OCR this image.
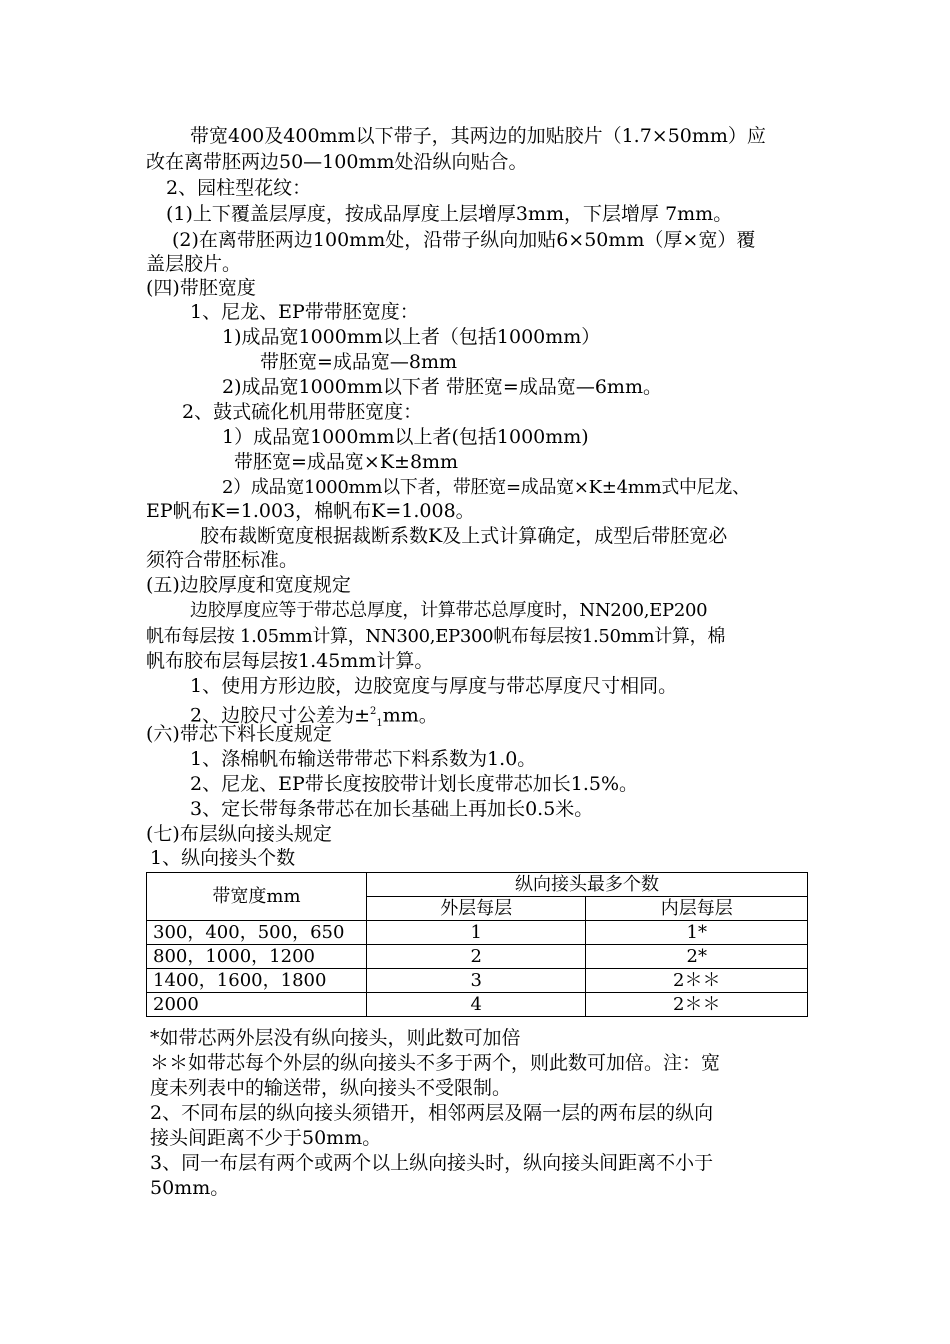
带宽400及400mm以下带子，其两边的加贴胶片（1.7×50mm）应
改在离带胚两边50—100mm处沿纵向贴合。
2、园柱型花纹：
(1)上下覆盖层厚度，按成品厚度上层增厚3mm，下层增厚 7mm。
(2)在离带胚两边100mm处，沿带子纵向加贴6×50mm（厚×宽）覆
盖层胶片。
(四)带胚宽度
1、尼龙、EP带带胚宽度：
1)成品宽1000mm以上者（包括1000mm）
带胚宽=成品宽—8mm
2)成品宽1000mm以下者 带胚宽=成品宽—6mm。
2、鼓式硫化机用带胚宽度：
1）成品宽1000mm以上者(包括1000mm)
带胚宽=成品宽×K±8mm
2）成品宽1000mm以下者，带胚宽=成品宽×K±4mm式中尼龙、
EP帆布K=1.003，棉帆布K=1.008。
胶布裁断宽度根据裁断系数K及上式计算确定，成型后带胚宽必
须符合带胚标准。
(五)边胶厚度和宽度规定
边胶厚度应等于带芯总厚度，计算带芯总厚度时，NN200,EP200
帆布每层按 1.05mm计算，NN300,EP300帆布每层按1.50mm计算，棉
帆布胶布层每层按1.45mm计算。
1、使用方形边胶，边胶宽度与厚度与带芯厚度尺寸相同。
2、边胶尺寸公差为±$^2_1$mm。
(六)带芯下料长度规定
1、涤棉帆布输送带带芯下料系数为1.0。
2、尼龙、EP带长度按胶带计划长度带芯加长1.5%。
3、定长带每条带芯在加长基础上再加长0.5米。
(七)布层纵向接头规定
1、纵向接头个数
带宽度mm	纵向接头最多个数	
	外层每层	内层每层
300，400，500，650	1	1*
800，1000，1200	2	2*
1400，1600，1800	3	2＊＊
2000	4	2＊＊
*如带芯两外层没有纵向接头，则此数可加倍
＊＊如带芯每个外层的纵向接头不多于两个，则此数可加倍。注：宽
度未列表中的输送带，纵向接头不受限制。
2、不同布层的纵向接头须错开，相邻两层及隔一层的两布层的纵向
接头间距离不少于50mm。
3、同一布层有两个或两个以上纵向接头时，纵向接头间距离不小于
50mm。
